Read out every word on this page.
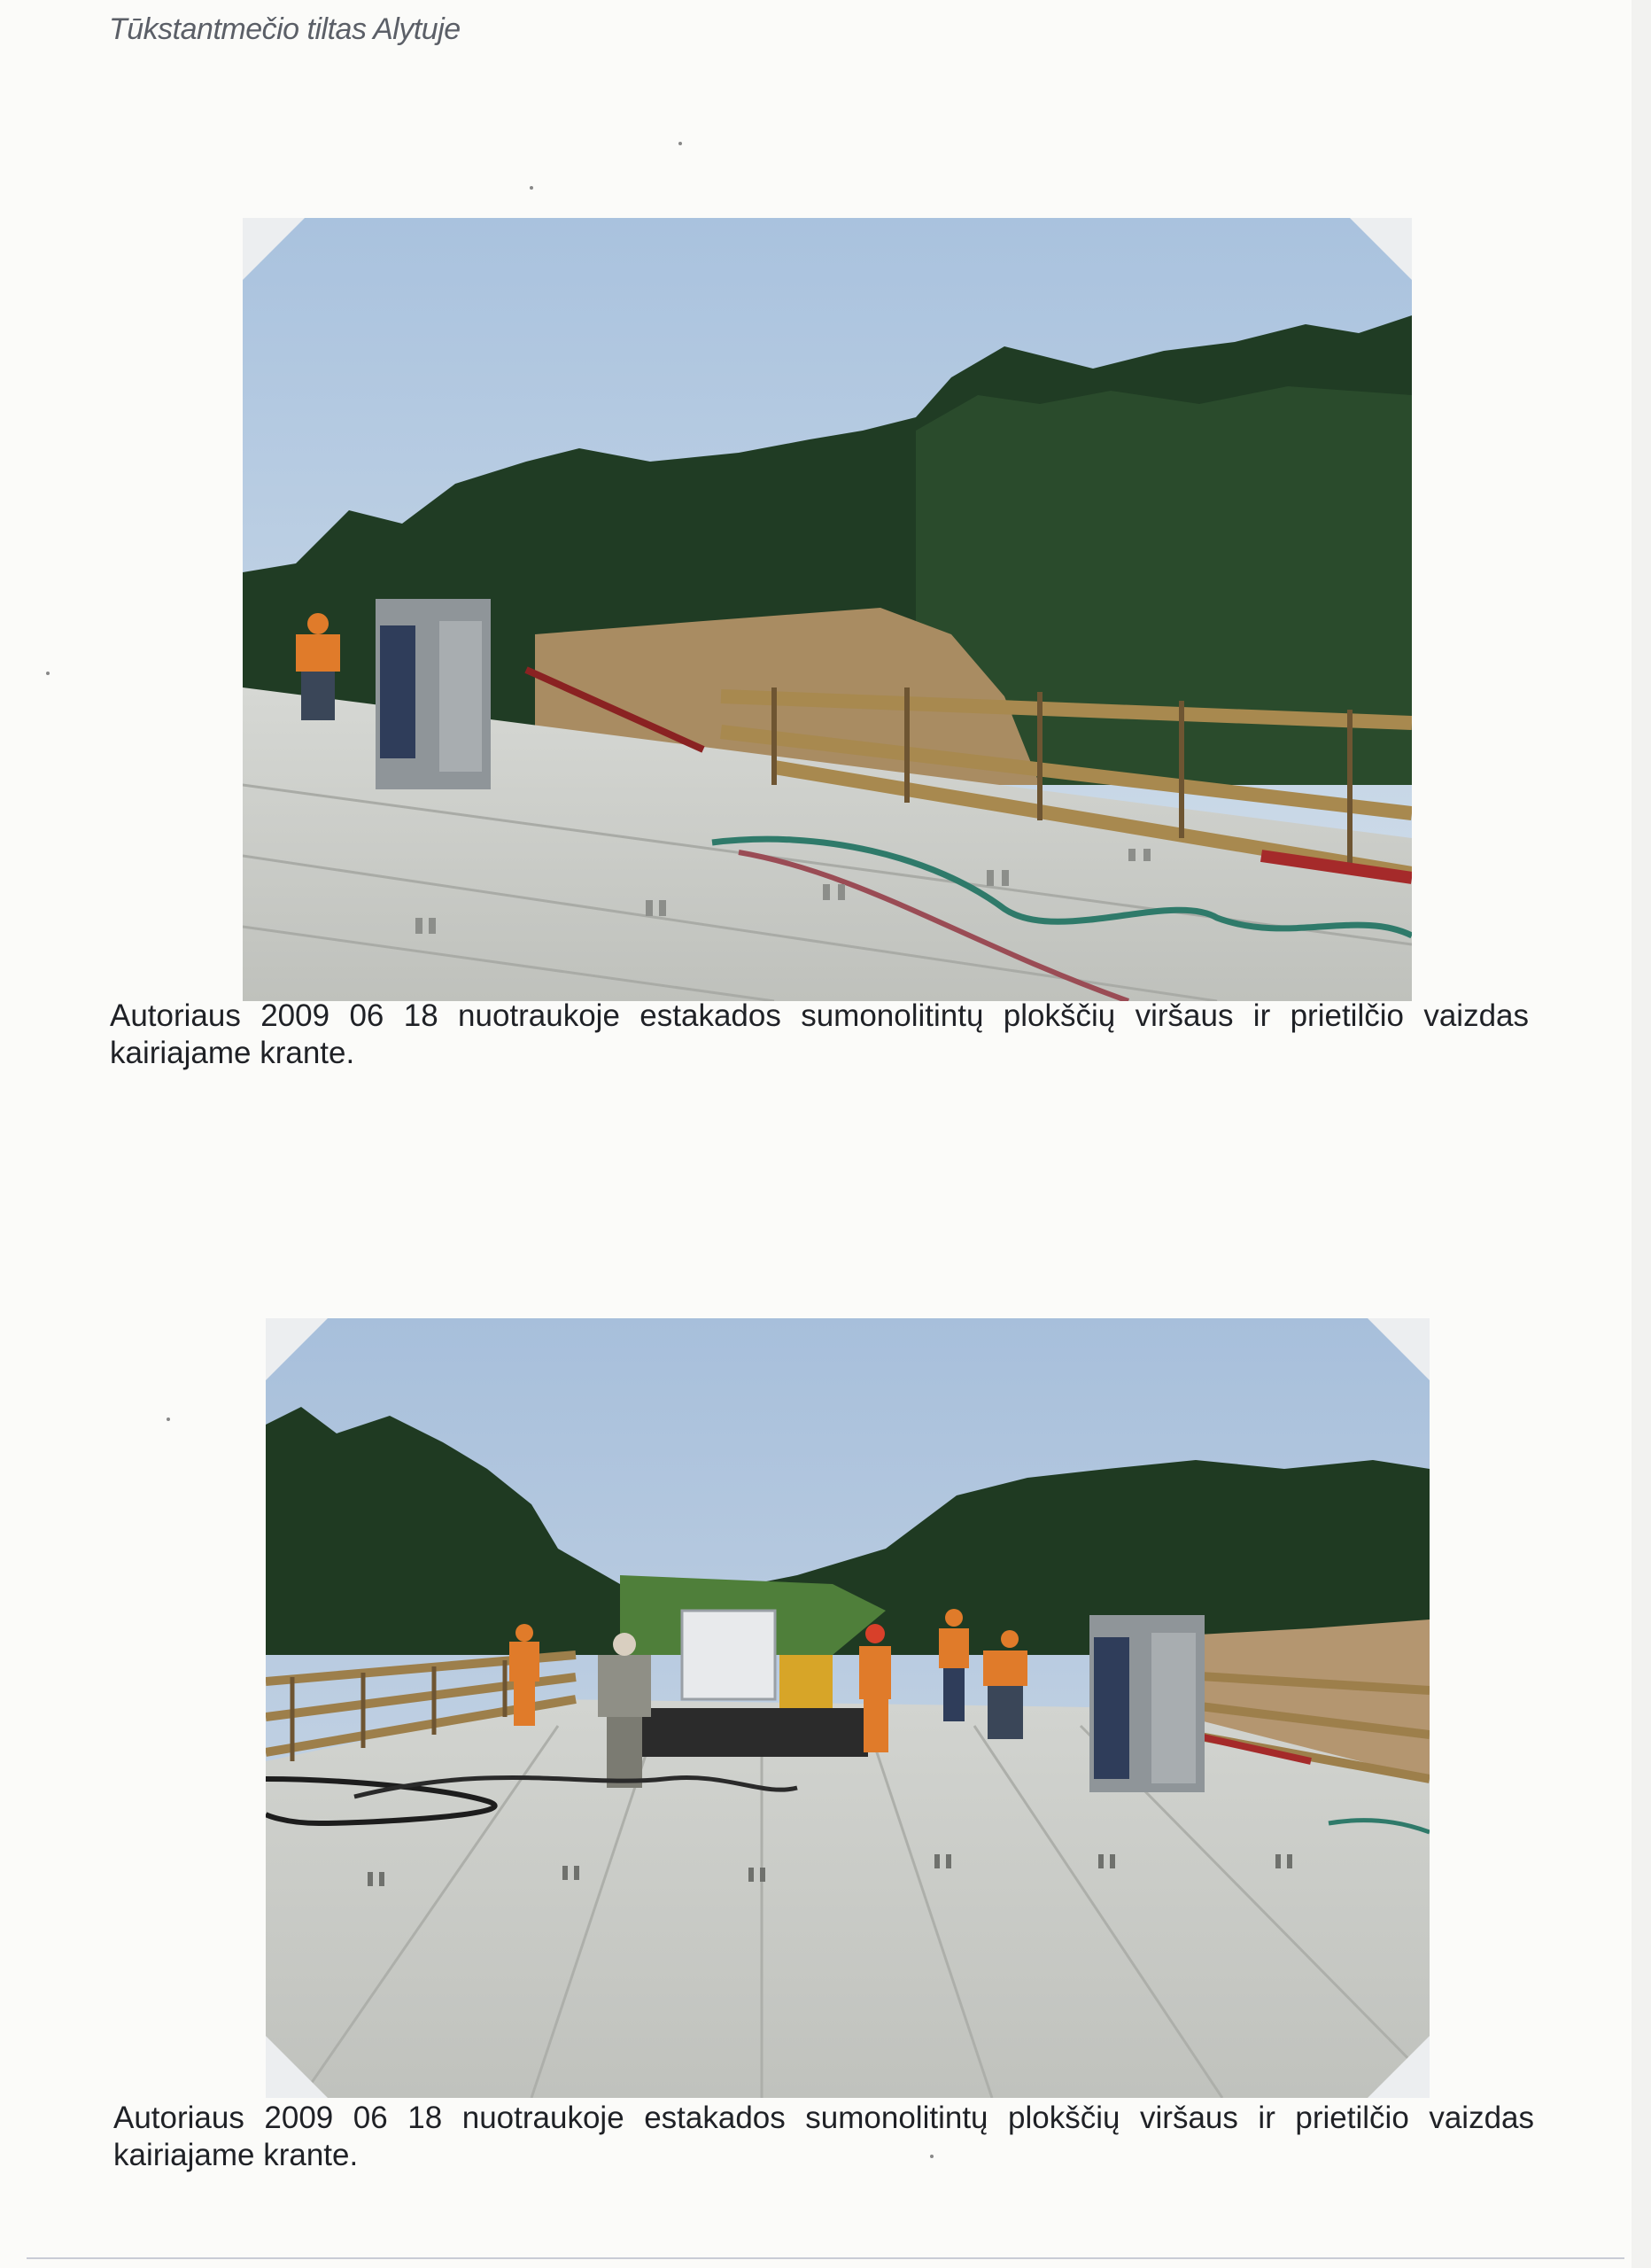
Tūkstantmečio tiltas Alytuje
Autoriaus 2009 06 18 nuotraukoje estakados sumonolitintų plokščių viršaus ir prietilčio vaizdas kairiajame krante.
Autoriaus 2009 06 18 nuotraukoje estakados sumonolitintų plokščių viršaus ir prietilčio vaizdas kairiajame krante.
